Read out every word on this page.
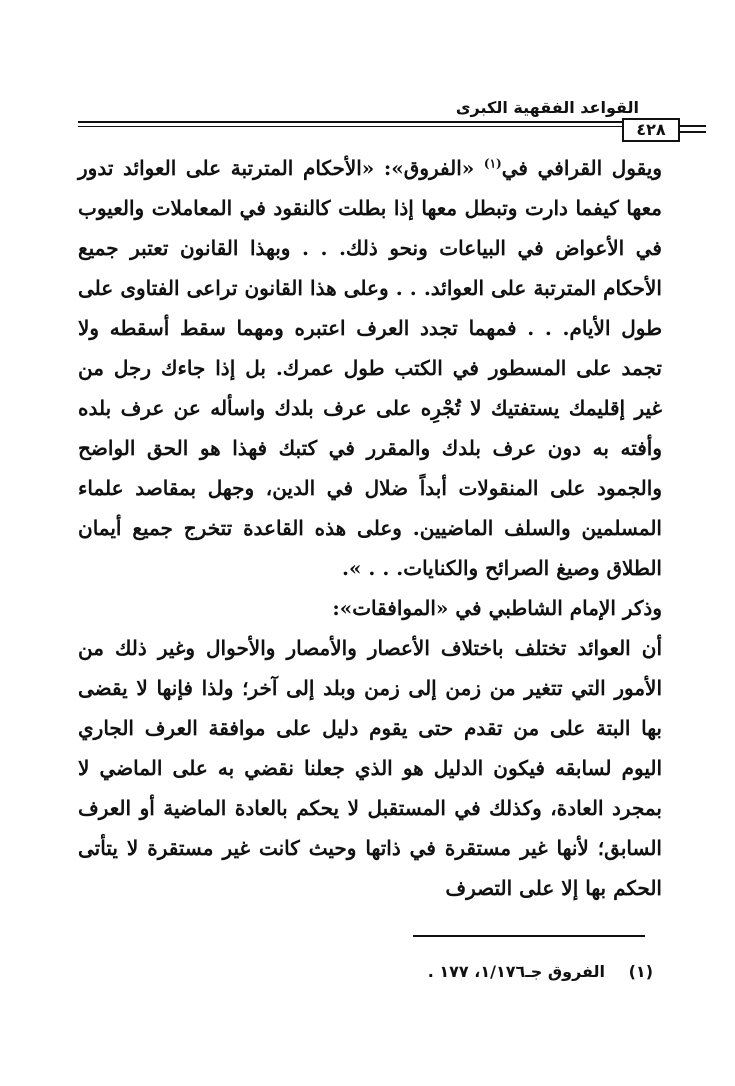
القواعد الفقهية الكبرى
٤٢٨

ويقول القرافي في$^{(١)}$ «الفروق»: «الأحكام المترتبة على العوائد تدور معها كيفما دارت وتبطل معها إذا بطلت كالنقود في المعاملات والعيوب في الأعواض في البياعات ونحو ذلك. . . وبهذا القانون تعتبر جميع الأحكام المترتبة على العوائد. . . وعلى هذا القانون تراعى الفتاوى على طول الأيام. . . فمهما تجدد العرف اعتبره ومهما سقط أسقطه ولا تجمد على المسطور في الكتب طول عمرك. بل إذا جاءك رجل من غير إقليمك يستفتيك لا تُجْرِه على عرف بلدك واسأله عن عرف بلده وأفته به دون عرف بلدك والمقرر في كتبك فهذا هو الحق الواضح والجمود على المنقولات أبداً ضلال في الدين، وجهل بمقاصد علماء المسلمين والسلف الماضيين. وعلى هذه القاعدة تتخرج جميع أيمان الطلاق وصيغ الصرائح والكنايات. . . ».

وذكر الإمام الشاطبي في «الموافقات»:

أن العوائد تختلف باختلاف الأعصار والأمصار والأحوال وغير ذلك من الأمور التي تتغير من زمن إلى زمن وبلد إلى آخر؛ ولذا فإنها لا يقضى بها البتة على من تقدم حتى يقوم دليل على موافقة العرف الجاري اليوم لسابقه فيكون الدليل هو الذي جعلنا نقضي به على الماضي لا بمجرد العادة، وكذلك في المستقبل لا يحكم بالعادة الماضية أو العرف السابق؛ لأنها غير مستقرة في ذاتها وحيث كانت غير مستقرة لا يتأتى الحكم بها إلا على التصرف

(١) الفروق جـ١/١٧٦، ١٧٧ .
